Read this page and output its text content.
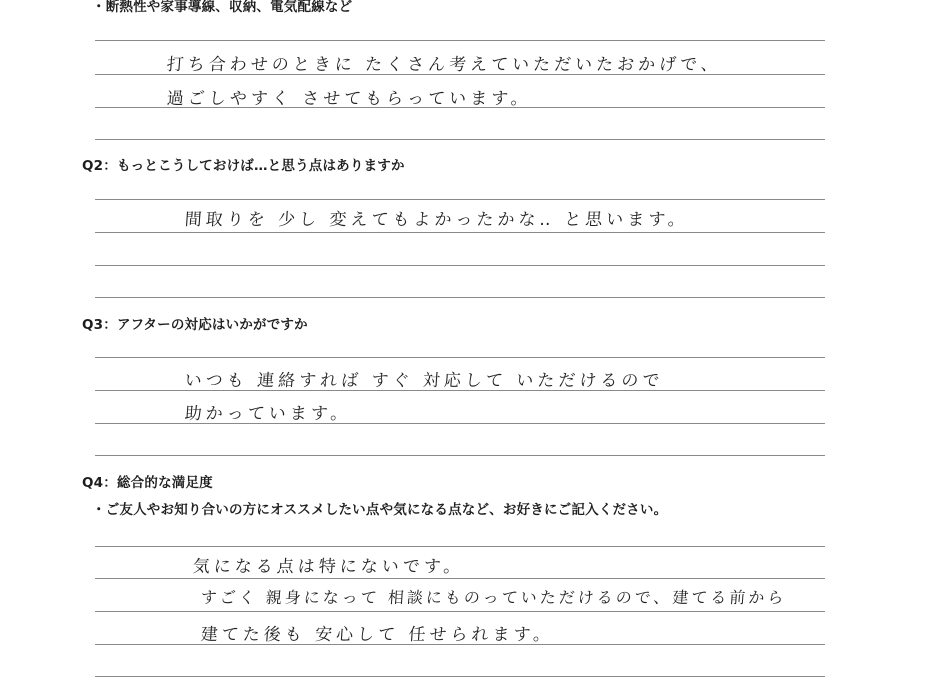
・断熱性や家事導線、収納、電気配線など
打ち合わせのときに たくさん考えていただいたおかげで、
過ごしやすく させてもらっています。
Q2：もっとこうしておけば…と思う点はありますか
間取りを 少し 変えてもよかったかな‥ と思います。
Q3：アフターの対応はいかがですか
いつも 連絡すれば すぐ 対応して いただけるので
助かっています。
Q4：総合的な満足度
・ご友人やお知り合いの方にオススメしたい点や気になる点など、お好きにご記入ください。
気になる点は特にないです。
すごく 親身になって 相談にものっていただけるので、建てる前から
建てた後も 安心して 任せられます。
